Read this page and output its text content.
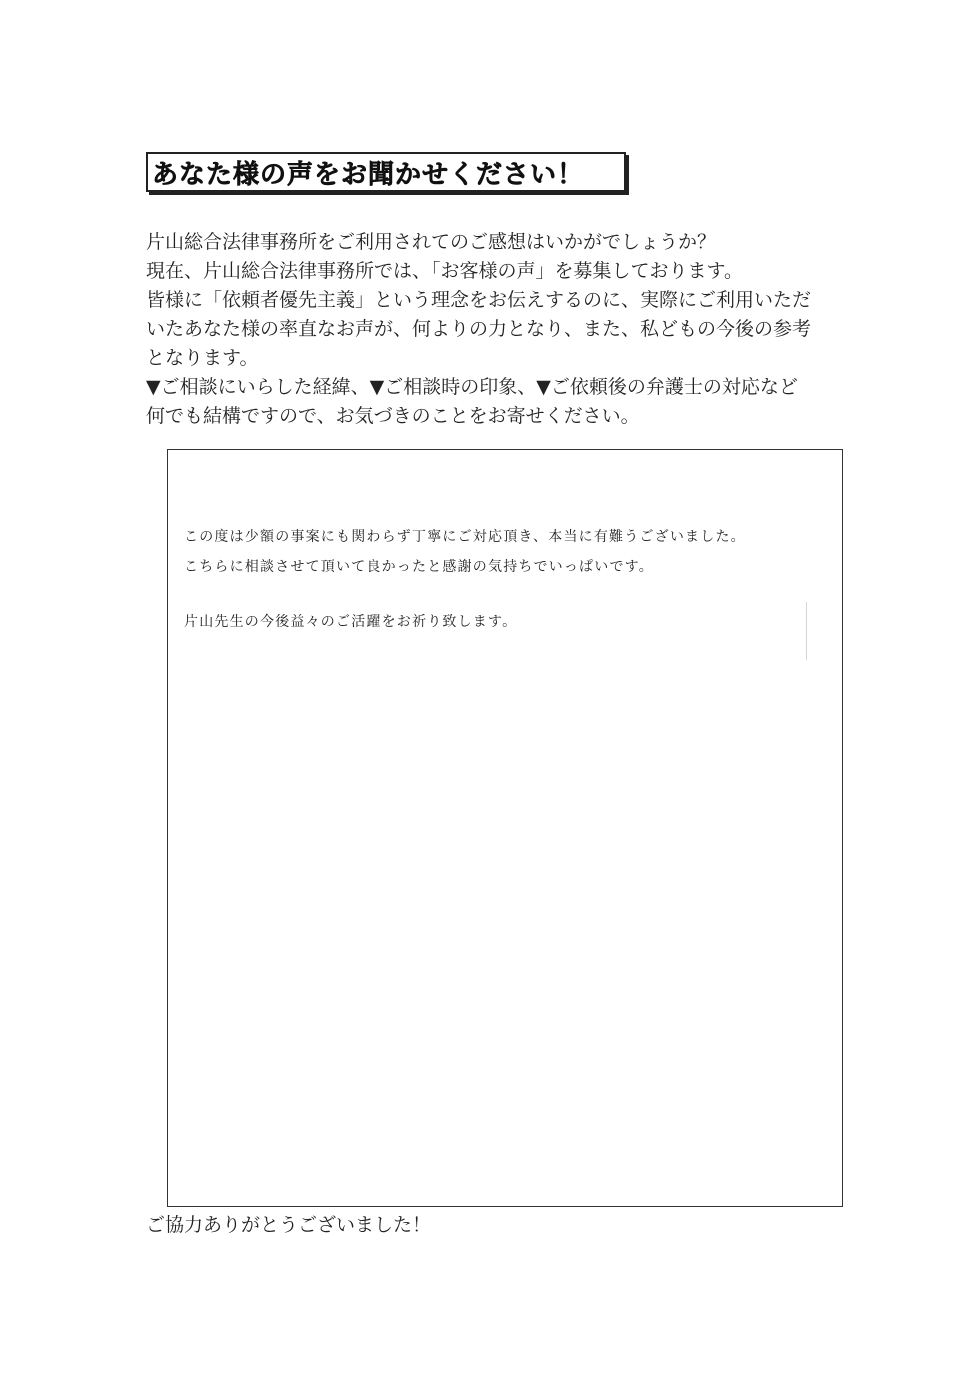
あなた様の声をお聞かせください！

片山総合法律事務所をご利用されてのご感想はいかがでしょうか？

現在、片山総合法律事務所では、「お客様の声」を募集しております。

皆様に「依頼者優先主義」という理念をお伝えするのに、実際にご利用いただ

いたあなた様の率直なお声が、何よりの力となり、また、私どもの今後の参考

となります。

▼ご相談にいらした経緯、▼ご相談時の印象、▼ご依頼後の弁護士の対応など

何でも結構ですので、お気づきのことをお寄せください。

この度は少額の事案にも関わらず丁寧にご対応頂き、本当に有難うございました。
こちらに相談させて頂いて良かったと感謝の気持ちでいっぱいです。
片山先生の今後益々のご活躍をお祈り致します。
ご協力ありがとうございました！
